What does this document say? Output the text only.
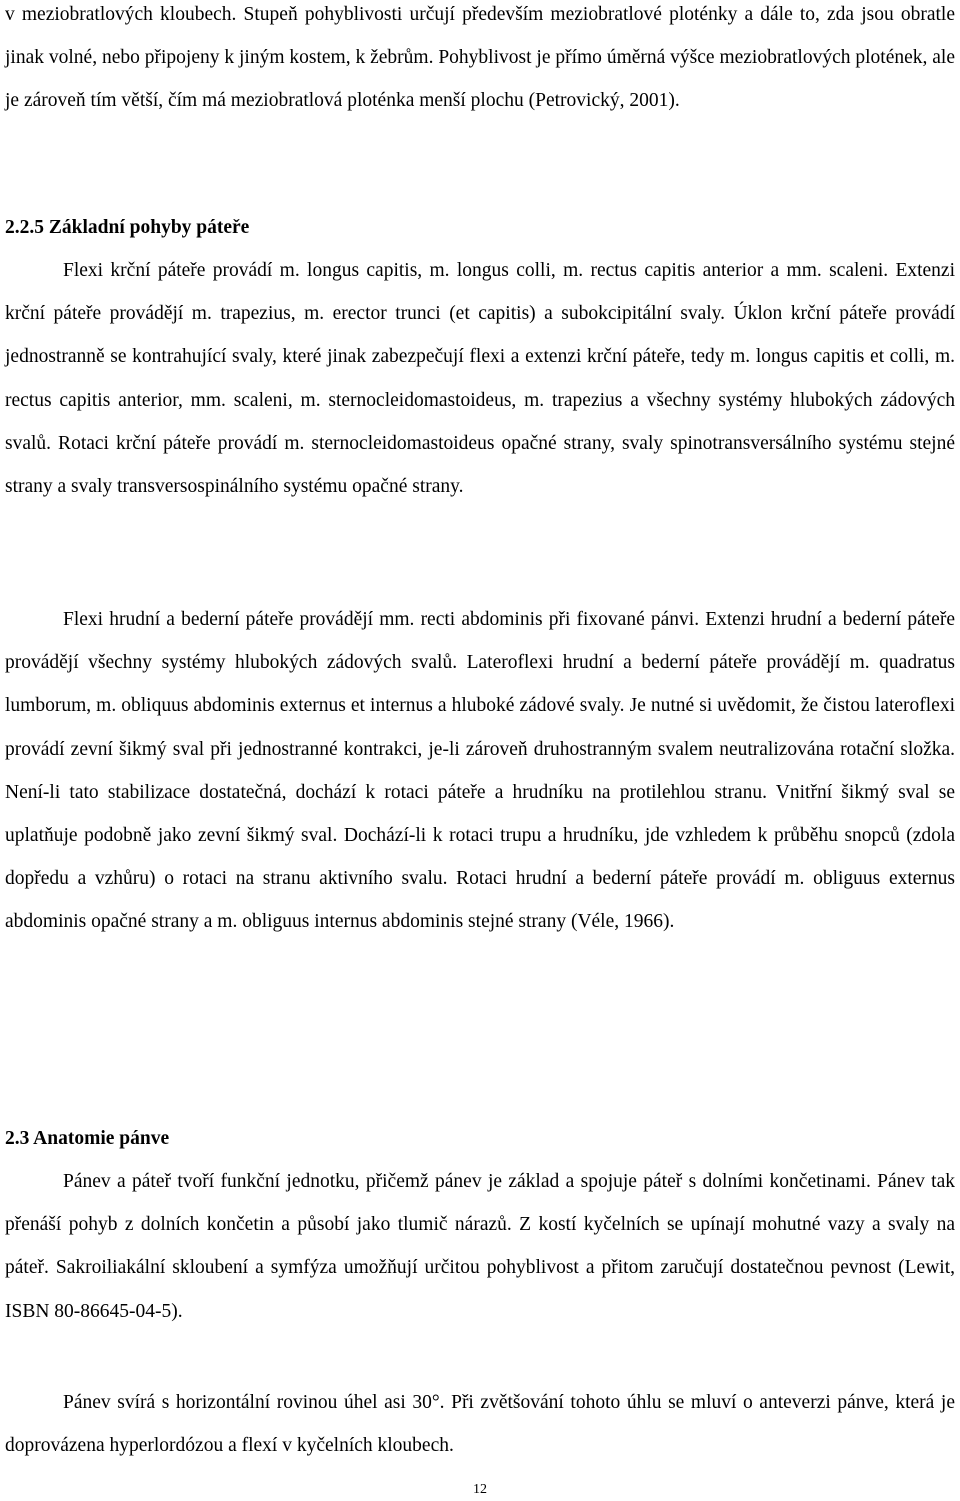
v meziobratlových kloubech. Stupeň pohyblivosti určují především meziobratlové ploténky a dále to, zda jsou obratle jinak volné, nebo připojeny k jiným kostem, k žebrům. Pohyblivost je přímo úměrná výšce meziobratlových plotének, ale je zároveň tím větší, čím má meziobratlová ploténka menší plochu (Petrovický, 2001).

2.2.5 Základní pohyby páteře

Flexi krční páteře provádí m. longus capitis, m. longus colli, m. rectus capitis anterior a mm. scaleni. Extenzi krční páteře provádějí m. trapezius, m. erector trunci (et capitis) a subokcipitální svaly. Úklon krční páteře provádí jednostranně se kontrahující svaly, které jinak zabezpečují flexi a extenzi krční páteře, tedy m. longus capitis et colli, m. rectus capitis anterior, mm. scaleni, m. sternocleidomastoideus, m. trapezius a všechny systémy hlubokých zádových svalů. Rotaci krční páteře provádí m. sternocleidomastoideus opačné strany, svaly spinotransversálního systému stejné strany a svaly transversospinálního systému opačné strany.

Flexi hrudní a bederní páteře provádějí mm. recti abdominis při fixované pánvi. Extenzi hrudní a bederní páteře provádějí všechny systémy hlubokých zádových svalů. Lateroflexi hrudní a bederní páteře provádějí m. quadratus lumborum, m. obliquus abdominis externus et internus a hluboké zádové svaly. Je nutné si uvědomit, že čistou lateroflexi provádí zevní šikmý sval při jednostranné kontrakci, je-li zároveň druhostranným svalem neutralizována rotační složka. Není-li tato stabilizace dostatečná, dochází k rotaci páteře a hrudníku na protilehlou stranu. Vnitřní šikmý sval se uplatňuje podobně jako zevní šikmý sval. Dochází-li k rotaci trupu a hrudníku, jde vzhledem k průběhu snopců (zdola dopředu a vzhůru) o rotaci na stranu aktivního svalu. Rotaci hrudní a bederní páteře provádí m. obliguus externus abdominis opačné strany a m. obliguus internus abdominis stejné strany (Véle, 1966).

2.3 Anatomie pánve

Pánev a páteř tvoří funkční jednotku, přičemž pánev je základ a spojuje páteř s dolními končetinami. Pánev tak přenáší pohyb z dolních končetin a působí jako tlumič nárazů. Z kostí kyčelních se upínají mohutné vazy a svaly na páteř. Sakroiliakální skloubení a symfýza umožňují určitou pohyblivost a přitom zaručují dostatečnou pevnost (Lewit, ISBN 80-86645-04-5).

Pánev svírá s horizontální rovinou úhel asi 30°. Při zvětšování tohoto úhlu se mluví o anteverzi pánve, která je doprovázena hyperlordózou a flexí v kyčelních kloubech.

12
